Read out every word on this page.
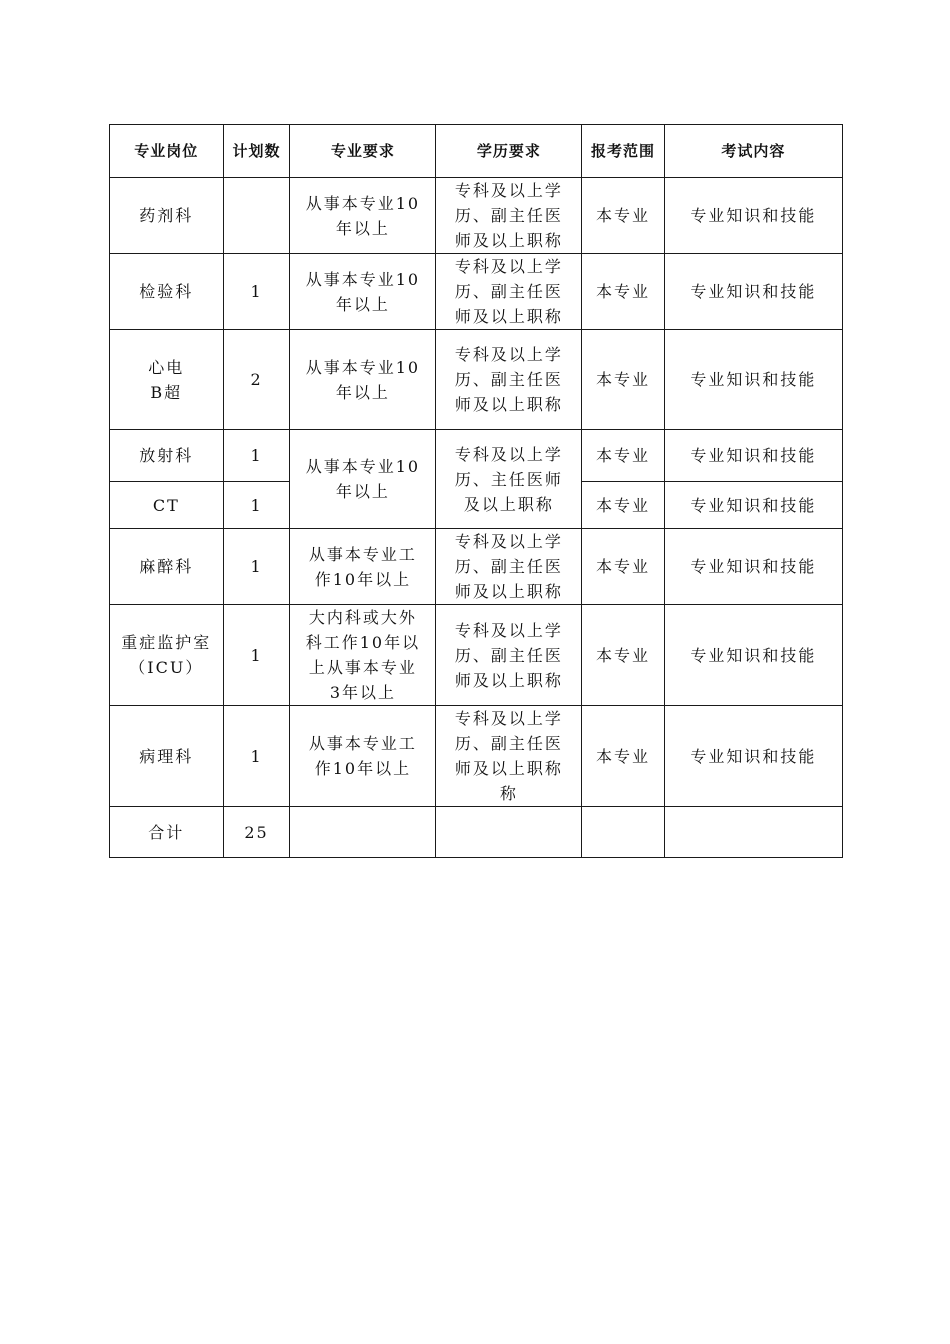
专业岗位	计划数	专业要求	学历要求	报考范围	考试内容

药剂科		从事本专业10
年以上	专科及以上学
历、副主任医
师及以上职称	本专业	专业知识和技能

检验科	1	从事本专业10
年以上	专科及以上学
历、副主任医
师及以上职称	本专业	专业知识和技能

心电
B超	2	从事本专业10
年以上	专科及以上学
历、副主任医
师及以上职称	本专业	专业知识和技能

放射科	1	从事本专业10
年以上	专科及以上学
历、主任医师
及以上职称	本专业	专业知识和技能

CT	1			本专业	专业知识和技能

麻醉科	1	从事本专业工
作10年以上	专科及以上学
历、副主任医
师及以上职称	本专业	专业知识和技能

重症监护室
（ICU）	1	大内科或大外
科工作10年以
上从事本专业
3年以上	专科及以上学
历、副主任医
师及以上职称	本专业	专业知识和技能

病理科	1	从事本专业工
作10年以上	专科及以上学
历、副主任医
师及以上职称
称	本专业	专业知识和技能
合计	25				
